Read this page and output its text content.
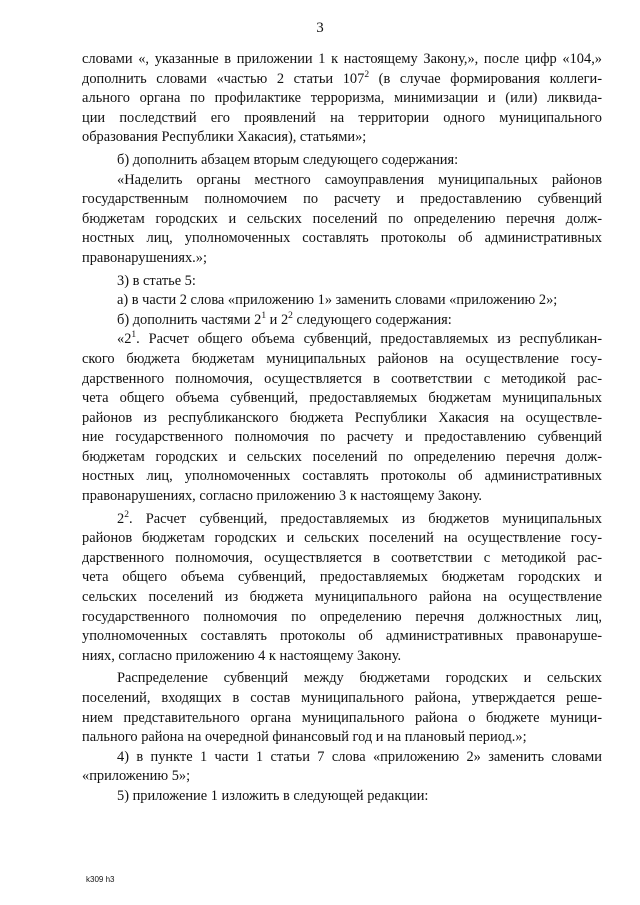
3
словами «, указанные в приложении 1 к настоящему Закону,», после цифр «104,»
дополнить словами «частью 2 статьи $107^2$ (в случае формирования коллеги-
ального органа по профилактике терроризма, минимизации и (или) ликвида-
ции последствий его проявлений на территории одного муниципального
образования Республики Хакасия), статьями»;
б) дополнить абзацем вторым следующего содержания:
«Наделить органы местного самоуправления муниципальных районов
государственным полномочием по расчету и предоставлению субвенций
бюджетам городских и сельских поселений по определению перечня долж-
ностных лиц, уполномоченных составлять протоколы об административных
правонарушениях.»;
3) в статье 5:
а) в части 2 слова «приложению 1» заменить словами «приложению 2»;
б) дополнить частями $2^1$ и $2^2$ следующего содержания:
«$2^1$. Расчет общего объема субвенций, предоставляемых из республикан-
ского бюджета бюджетам муниципальных районов на осуществление госу-
дарственного полномочия, осуществляется в соответствии с методикой рас-
чета общего объема субвенций, предоставляемых бюджетам муниципальных
районов из республиканского бюджета Республики Хакасия на осуществле-
ние государственного полномочия по расчету и предоставлению субвенций
бюджетам городских и сельских поселений по определению перечня долж-
ностных лиц, уполномоченных составлять протоколы об административных
правонарушениях, согласно приложению 3 к настоящему Закону.
$2^2$. Расчет субвенций, предоставляемых из бюджетов муниципальных
районов бюджетам городских и сельских поселений на осуществление госу-
дарственного полномочия, осуществляется в соответствии с методикой рас-
чета общего объема субвенций, предоставляемых бюджетам городских и
сельских поселений из бюджета муниципального района на осуществление
государственного полномочия по определению перечня должностных лиц,
уполномоченных составлять протоколы об административных правонаруше-
ниях, согласно приложению 4 к настоящему Закону.
Распределение субвенций между бюджетами городских и сельских
поселений, входящих в состав муниципального района, утверждается реше-
нием представительного органа муниципального района о бюджете муници-
пального района на очередной финансовый год и на плановый период.»;
4) в пункте 1 части 1 статьи 7 слова «приложению 2» заменить словами
«приложению 5»;
5) приложение 1 изложить в следующей редакции:
k309 h3
